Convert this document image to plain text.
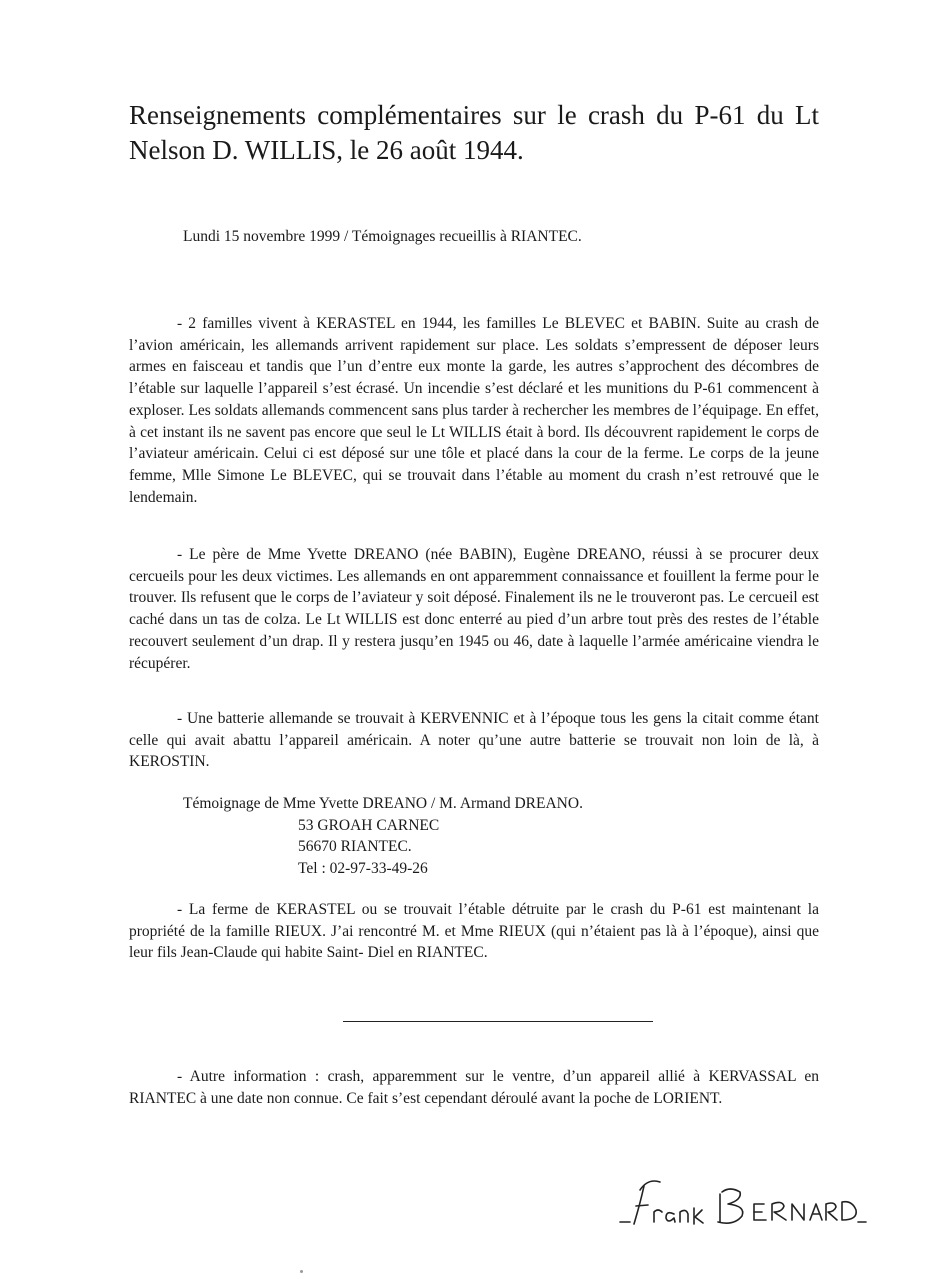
Renseignements complémentaires sur le crash du P-61 du Lt Nelson D. WILLIS, le 26 août 1944.
Lundi 15 novembre 1999 / Témoignages recueillis à RIANTEC.
- 2 familles vivent à KERASTEL en 1944, les familles Le BLEVEC et BABIN. Suite au crash de l’avion américain, les allemands arrivent rapidement sur place. Les soldats s’empressent de déposer leurs armes en faisceau et tandis que l’un d’entre eux monte la garde, les autres s’approchent des décombres de l’étable sur laquelle l’appareil s’est écrasé. Un incendie s’est déclaré et les munitions du P-61 commencent à exploser. Les soldats allemands commencent sans plus tarder à rechercher les membres de l’équipage. En effet, à cet instant ils ne savent pas encore que seul le Lt WILLIS était à bord. Ils découvrent rapidement le corps de l’aviateur américain. Celui ci est déposé sur une tôle et placé dans la cour de la ferme. Le corps de la jeune femme, Mlle Simone Le BLEVEC, qui se trouvait dans l’étable au moment du crash n’est retrouvé que le lendemain.
- Le père de Mme Yvette DREANO (née BABIN), Eugène DREANO, réussi à se procurer deux cercueils pour les deux victimes. Les allemands en ont apparemment connaissance et fouillent la ferme pour le trouver. Ils refusent que le corps de l’aviateur y soit déposé. Finalement ils ne le trouveront pas. Le cercueil est caché dans un tas de colza. Le Lt WILLIS est donc enterré au pied d’un arbre tout près des restes de l’étable recouvert seulement d’un drap. Il y restera jusqu’en 1945 ou 46, date à laquelle l’armée américaine viendra le récupérer.
- Une batterie allemande se trouvait à KERVENNIC et à l’époque tous les gens la citait comme étant celle qui avait abattu l’appareil américain. A noter qu’une autre batterie se trouvait non loin de là, à KEROSTIN.
Témoignage de Mme Yvette DREANO / M. Armand DREANO.
53 GROAH CARNEC
56670 RIANTEC.
Tel : 02-97-33-49-26
- La ferme de KERASTEL ou se trouvait l’étable détruite par le crash du P-61 est maintenant la propriété de la famille RIEUX. J’ai rencontré M. et Mme RIEUX (qui n’étaient pas là à l’époque), ainsi que leur fils Jean-Claude qui habite Saint- Diel en RIANTEC.
- Autre information : crash, apparemment sur le ventre, d’un appareil allié à KERVASSAL en RIANTEC à une date non connue. Ce fait s’est cependant déroulé avant la poche de LORIENT.
